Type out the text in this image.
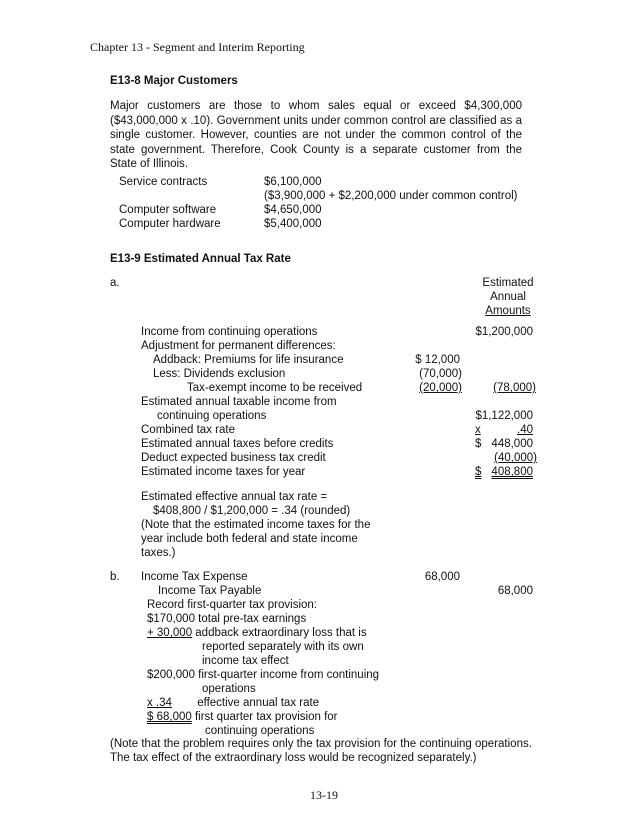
Chapter 13 - Segment and Interim Reporting
E13-8 Major Customers
Major customers are those to whom sales equal or exceed $4,300,000 ($43,000,000 x .10). Government units under common control are classified as a single customer. However, counties are not under the common control of the state government. Therefore, Cook County is a separate customer from the State of Illinois.
Service contracts	$6,100,000
($3,900,000 + $2,200,000 under common control)
Computer software	$4,650,000
Computer hardware	$5,400,000
E13-9 Estimated Annual Tax Rate
a.	Estimated
Annual
Amounts
Income from continuing operations	$1,200,000
Adjustment for permanent differences:
Addback: Premiums for life insurance	$ 12,000
Less: Dividends exclusion	(70,000)
Tax-exempt income to be received	(20,000)	(78,000)
Estimated annual taxable income from
continuing operations	$1,122,000
Combined tax rate	x	.40
Estimated annual taxes before credits	$ 448,000
Deduct expected business tax credit	(40,000)
Estimated income taxes for year	$ 408,800
Estimated effective annual tax rate =
$408,800 / $1,200,000 = .34 (rounded)
(Note that the estimated income taxes for the
year include both federal and state income
taxes.)
b. Income Tax Expense	68,000
Income Tax Payable	68,000
Record first-quarter tax provision:
$170,000 total pre-tax earnings
+ 30,000 addback extraordinary loss that is
reported separately with its own
income tax effect
$200,000 first-quarter income from continuing
operations
x .34 effective annual tax rate
$ 68,000 first quarter tax provision for
continuing operations
(Note that the problem requires only the tax provision for the continuing operations.
The tax effect of the extraordinary loss would be recognized separately.)
13-19
